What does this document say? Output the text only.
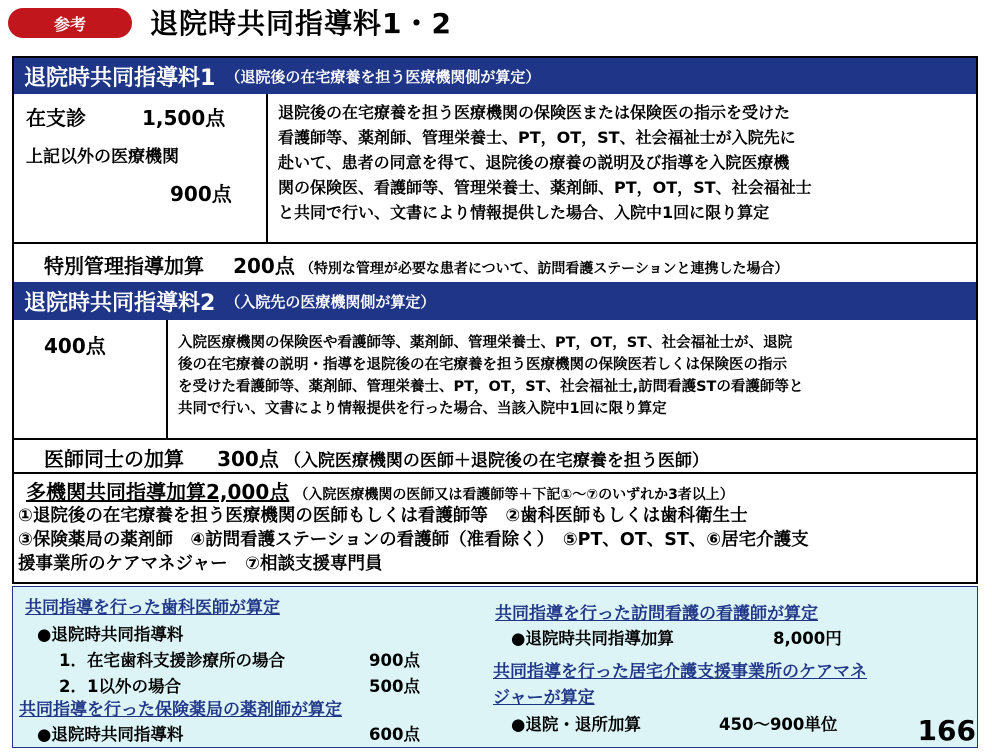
参考	退院時共同指導料1・2
退院時共同指導料1 （退院後の在宅療養を担う医療機関側が算定）
在支診	1,500点
上記以外の医療機関
900点
退院後の在宅療養を担う医療機関の保険医または保険医の指示を受けた
看護師等、薬剤師、管理栄養士、PT，OT，ST、社会福祉士が入院先に
赴いて、患者の同意を得て、退院後の療養の説明及び指導を入院医療機
関の保険医、看護師等、管理栄養士、薬剤師、PT，OT，ST、社会福祉士
と共同で行い、文書により情報提供した場合、入院中1回に限り算定
特別管理指導加算 200点 （特別な管理が必要な患者について、訪問看護ステーションと連携した場合）
退院時共同指導料2 （入院先の医療機関側が算定）
400点	入院医療機関の保険医や看護師等、薬剤師、管理栄養士、PT，OT，ST、社会福祉士が、退院
後の在宅療養の説明・指導を退院後の在宅療養を担う医療機関の保険医若しくは保険医の指示
を受けた看護師等、薬剤師、管理栄養士、PT，OT，ST、社会福祉士,訪問看護STの看護師等と
共同で行い、文書により情報提供を行った場合、当該入院中1回に限り算定
医師同士の加算 300点 （入院医療機関の医師＋退院後の在宅療養を担う医師）
多機関共同指導加算2,000点 （入院医療機関の医師又は看護師等＋下記①～⑦のいずれか3者以上）
①退院後の在宅療養を担う医療機関の医師もしくは看護師等　②歯科医師もしくは歯科衛生士
③保険薬局の薬剤師　④訪問看護ステーションの看護師（准看除く）　⑤PT、OT、ST、⑥居宅介護支
援事業所のケアマネジャー　⑦相談支援専門員
共同指導を行った歯科医師が算定
●退院時共同指導料
1．在宅歯科支援診療所の場合	900点
2．1以外の場合	500点
共同指導を行った保険薬局の薬剤師が算定
●退院時共同指導料	600点
共同指導を行った訪問看護の看護師が算定
●退院時共同指導加算	8,000円
共同指導を行った居宅介護支援事業所のケアマネ
ジャーが算定
●退院・退所加算	450～900単位	166
